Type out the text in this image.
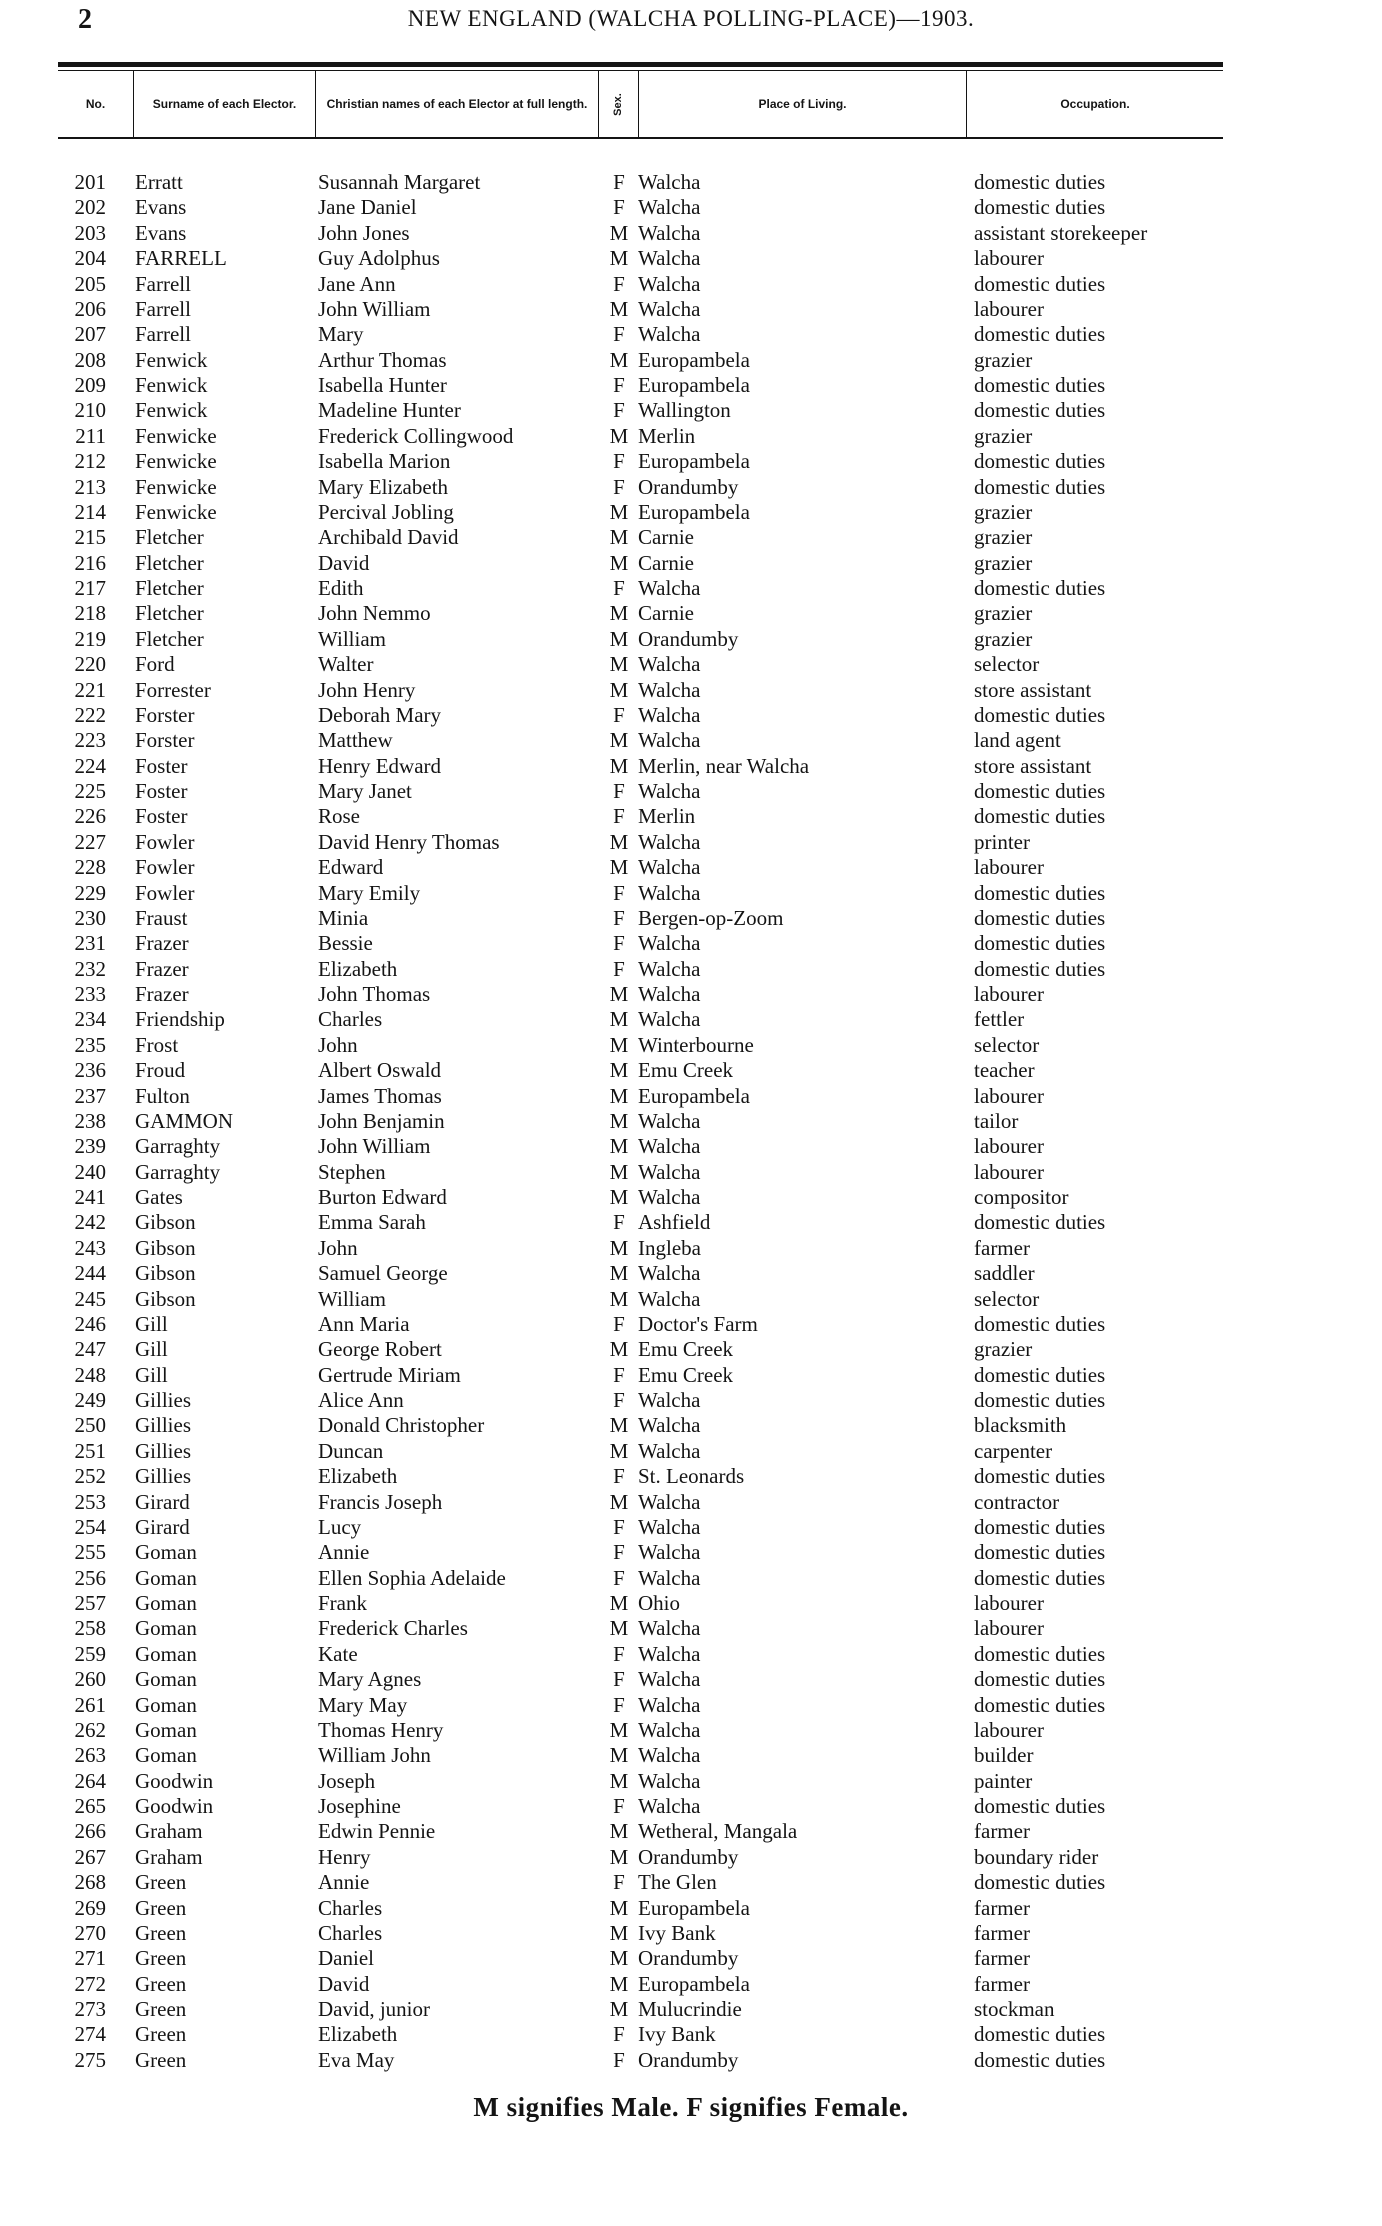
2	NEW ENGLAND (WALCHA POLLING-PLACE)—1903.
No.	Surname of each Elector.	Christian names of each Elector at full length.	Sex.	Place of Living.	Occupation.
201 Erratt	Susannah Margaret	F Walcha	domestic duties
202 Evans	Jane Daniel	F Walcha	domestic duties
203 Evans	John Jones	M Walcha	assistant storekeeper
204 FARRELL	Guy Adolphus	M Walcha	labourer
205 Farrell	Jane Ann	F Walcha	domestic duties
206 Farrell	John William	M Walcha	labourer
207 Farrell	Mary	F Walcha	domestic duties
208 Fenwick	Arthur Thomas	M Europambela	grazier
209 Fenwick	Isabella Hunter	F Europambela	domestic duties
210 Fenwick	Madeline Hunter	F Wallington	domestic duties
211 Fenwicke	Frederick Collingwood	M Merlin	grazier
212 Fenwicke	Isabella Marion	F Europambela	domestic duties
213 Fenwicke	Mary Elizabeth	F Orandumby	domestic duties
214 Fenwicke	Percival Jobling	M Europambela	grazier
215 Fletcher	Archibald David	M Carnie	grazier
216 Fletcher	David	M Carnie	grazier
217 Fletcher	Edith	F Walcha	domestic duties
218 Fletcher	John Nemmo	M Carnie	grazier
219 Fletcher	William	M Orandumby	grazier
220 Ford	Walter	M Walcha	selector
221 Forrester	John Henry	M Walcha	store assistant
222 Forster	Deborah Mary	F Walcha	domestic duties
223 Forster	Matthew	M Walcha	land agent
224 Foster	Henry Edward	M Merlin, near Walcha	store assistant
225 Foster	Mary Janet	F Walcha	domestic duties
226 Foster	Rose	F Merlin	domestic duties
227 Fowler	David Henry Thomas	M Walcha	printer
228 Fowler	Edward	M Walcha	labourer
229 Fowler	Mary Emily	F Walcha	domestic duties
230 Fraust	Minia	F Bergen-op-Zoom	domestic duties
231 Frazer	Bessie	F Walcha	domestic duties
232 Frazer	Elizabeth	F Walcha	domestic duties
233 Frazer	John Thomas	M Walcha	labourer
234 Friendship	Charles	M Walcha	fettler
235 Frost	John	M Winterbourne	selector
236 Froud	Albert Oswald	M Emu Creek	teacher
237 Fulton	James Thomas	M Europambela	labourer
238 GAMMON	John Benjamin	M Walcha	tailor
239 Garraghty	John William	M Walcha	labourer
240 Garraghty	Stephen	M Walcha	labourer
241 Gates	Burton Edward	M Walcha	compositor
242 Gibson	Emma Sarah	F Ashfield	domestic duties
243 Gibson	John	M Ingleba	farmer
244 Gibson	Samuel George	M Walcha	saddler
245 Gibson	William	M Walcha	selector
246 Gill	Ann Maria	F Doctor's Farm	domestic duties
247 Gill	George Robert	M Emu Creek	grazier
248 Gill	Gertrude Miriam	F Emu Creek	domestic duties
249 Gillies	Alice Ann	F Walcha	domestic duties
250 Gillies	Donald Christopher	M Walcha	blacksmith
251 Gillies	Duncan	M Walcha	carpenter
252 Gillies	Elizabeth	F St. Leonards	domestic duties
253 Girard	Francis Joseph	M Walcha	contractor
254 Girard	Lucy	F Walcha	domestic duties
255 Goman	Annie	F Walcha	domestic duties
256 Goman	Ellen Sophia Adelaide	F Walcha	domestic duties
257 Goman	Frank	M Ohio	labourer
258 Goman	Frederick Charles	M Walcha	labourer
259 Goman	Kate	F Walcha	domestic duties
260 Goman	Mary Agnes	F Walcha	domestic duties
261 Goman	Mary May	F Walcha	domestic duties
262 Goman	Thomas Henry	M Walcha	labourer
263 Goman	William John	M Walcha	builder
264 Goodwin	Joseph	M Walcha	painter
265 Goodwin	Josephine	F Walcha	domestic duties
266 Graham	Edwin Pennie	M Wetheral, Mangala	farmer
267 Graham	Henry	M Orandumby	boundary rider
268 Green	Annie	F The Glen	domestic duties
269 Green	Charles	M Europambela	farmer
270 Green	Charles	M Ivy Bank	farmer
271 Green	Daniel	M Orandumby	farmer
272 Green	David	M Europambela	farmer
273 Green	David, junior	M Mulucrindie	stockman
274 Green	Elizabeth	F Ivy Bank	domestic duties
275 Green	Eva May	F Orandumby	domestic duties
M signifies Male. F signifies Female.
